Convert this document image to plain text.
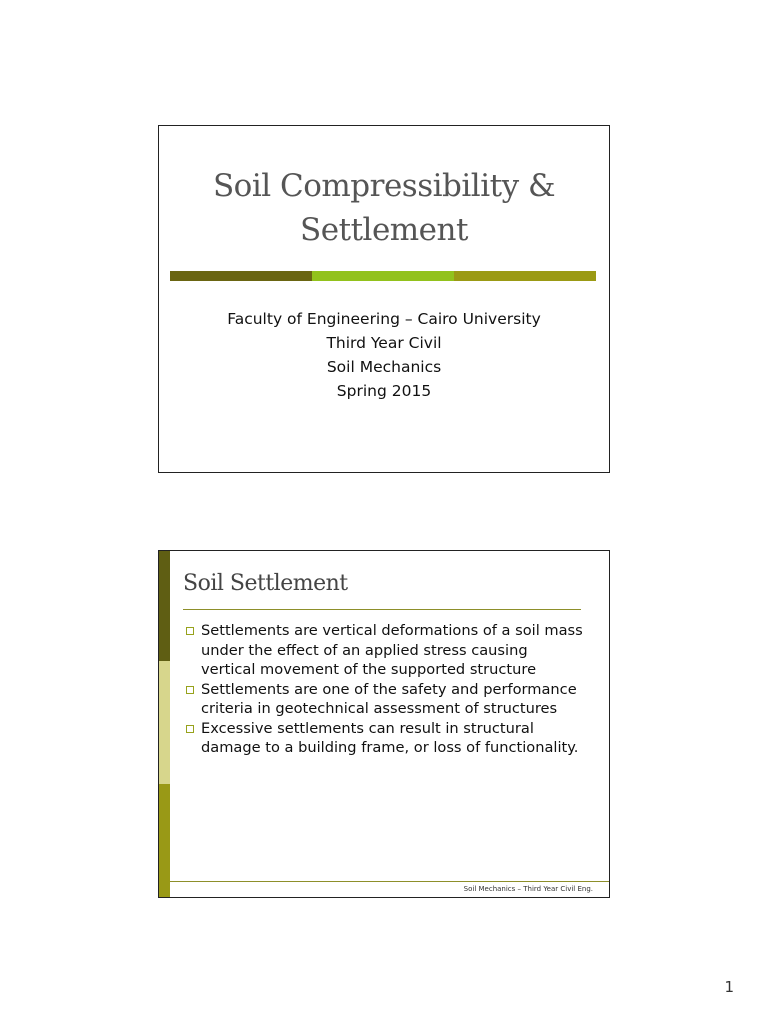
Soil Compressibility &
Settlement
Faculty of Engineering – Cairo University
Third Year Civil
Soil Mechanics
Spring 2015
Soil Settlement
Settlements are vertical deformations of a soil mass under the effect of an applied stress causing vertical movement of the supported structure
Settlements are one of the safety and performance criteria in geotechnical assessment of structures
Excessive settlements can result in structural damage to a building frame, or loss of functionality.
Soil Mechanics – Third Year Civil Eng.
1
